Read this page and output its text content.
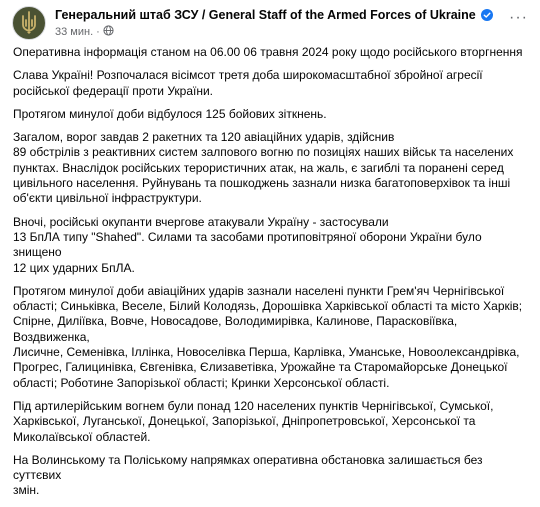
Генеральний штаб ЗСУ / General Staff of the Armed Forces of Ukraine
33 мин. ·
···

Оперативна інформація станом на 06.00 06 травня 2024 року щодо російського вторгнення

Слава Україні! Розпочалася вісімсот третя доба широкомасштабної збройної агресії
російської федерації проти України.

Протягом минулої доби відбулося 125 бойових зіткнень.

Загалом, ворог завдав 2 ракетних та 120 авіаційних ударів, здійснив
89 обстрілів з реактивних систем залпового вогню по позиціях наших військ та населених
пунктах. Внаслідок російських терористичних атак, на жаль, є загиблі та поранені серед
цивільного населення. Руйнувань та пошкоджень зазнали низка багатоповерхівок та інші
об'єкти цивільної інфраструктури.

Вночі, російські окупанти вчергове атакували Україну - застосували
13 БпЛА типу "Shahed". Силами та засобами протиповітряної оборони України було знищено
12 цих ударних БпЛА.

Протягом минулої доби авіаційних ударів зазнали населені пункти Грем'яч Чернігівської
області; Синьківка, Веселе, Білий Колодязь, Дорошівка Харківської області та місто Харків;
Спірне, Диліївка, Вовче, Новосадове, Володимирівка, Калинове, Парасковіївка, Воздвиженка,
Лисичне, Семенівка, Іллінка, Новоселівка Перша, Карлівка, Уманське, Новоолександрівка,
Прогрес, Галицинівка, Євгенівка, Єлизаветівка, Урожайне та Старомайорське Донецької
області; Роботине Запорізької області; Кринки Херсонської області.

Під артилерійським вогнем були понад 120 населених пунктів Чернігівської, Сумської,
Харківської, Луганської, Донецької, Запорізької, Дніпропетровської, Херсонської та
Миколаївської областей.

На Волинському та Поліському напрямках оперативна обстановка залишається без суттєвих
змін.
